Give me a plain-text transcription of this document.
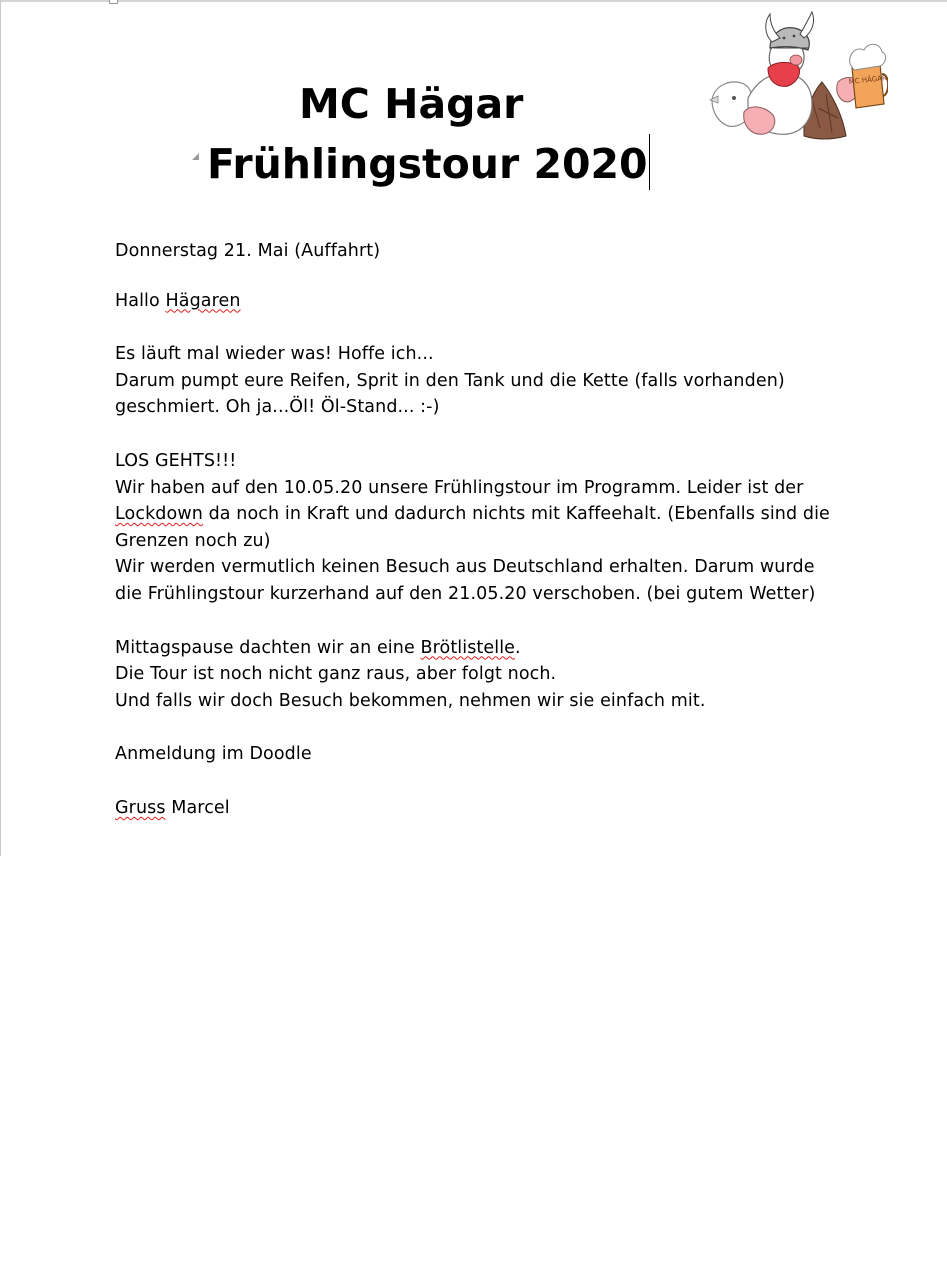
MC Hägar
Frühlingstour 2020
MC HÄGAR

Donnerstag 21. Mai (Auffahrt)

Hallo Hägaren

Es läuft mal wieder was! Hoffe ich...

Darum pumpt eure Reifen, Sprit in den Tank und die Kette (falls vorhanden)

geschmiert. Oh ja...Öl! Öl-Stand... :-)

LOS GEHTS!!!

Wir haben auf den 10.05.20 unsere Frühlingstour im Programm. Leider ist der

Lockdown da noch in Kraft und dadurch nichts mit Kaffeehalt. (Ebenfalls sind die

Grenzen noch zu)

Wir werden vermutlich keinen Besuch aus Deutschland erhalten. Darum wurde

die Frühlingstour kurzerhand auf den 21.05.20 verschoben. (bei gutem Wetter)

Mittagspause dachten wir an eine Brötlistelle.

Die Tour ist noch nicht ganz raus, aber folgt noch.

Und falls wir doch Besuch bekommen, nehmen wir sie einfach mit.

Anmeldung im Doodle

Gruss Marcel
